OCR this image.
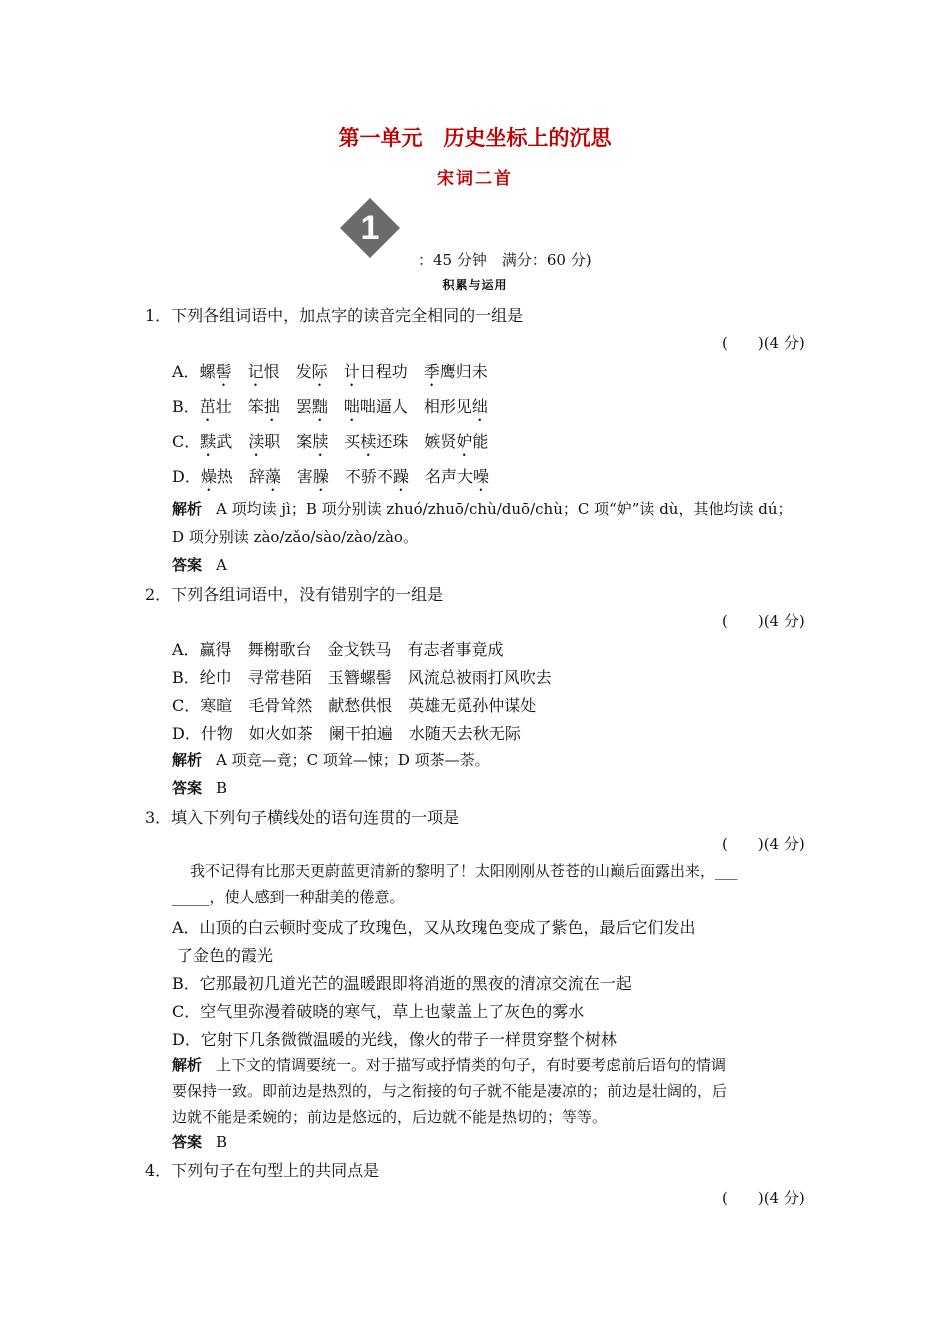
第一单元　历史坐标上的沉思
宋词二首
1
：45 分钟　满分：60 分)
积累与运用
1．下列各组词语中，加点字的读音完全相同的一组是
(　　)(4 分)
A．螺髻　 记恨　 发际　 计日程功　 季鹰归未
B．茁壮　笨拙　罢黜　 咄咄逼人　相形见绌
C．黩武　渎职　案牍　买椟还珠　嫉贤妒能
D．燥热　辞藻　害臊　不骄不躁　名声大噪
解析 A 项均读 jì；B 项分别读 zhuó/zhuō/chù/duō/chù；C 项“妒”读 dù，其他均读 dú；
D 项分别读 zào/zǎo/sào/zào/zào。
答案 A
2．下列各组词语中，没有错别字的一组是
(　　)(4 分)
A．赢得　舞榭歌台　金戈铁马　有志者事竟成
B．纶巾　寻常巷陌　玉簪螺髻　风流总被雨打风吹去
C．寒暄　毛骨耸然　献愁供恨　英雄无觅孙仲谋处
D．什物　如火如茶　阑干拍遍　水随天去秋无际
解析 A 项竞—竟；C 项耸—悚；D 项茶—荼。
答案 B
3．填入下列句子横线处的语句连贯的一项是
(　　)(4 分)
我不记得有比那天更蔚蓝更清新的黎明了！太阳刚刚从苍苍的山巅后面露出来，___
_____，使人感到一种甜美的倦意。
A．山顶的白云顿时变成了玫瑰色，又从玫瑰色变成了紫色，最后它们发出
了金色的霞光
B．它那最初几道光芒的温暖跟即将消逝的黑夜的清凉交流在一起
C．空气里弥漫着破晓的寒气，草上也蒙盖上了灰色的雾水
D．它射下几条微微温暖的光线，像火的带子一样贯穿整个树林
解析 上下文的情调要统一。对于描写或抒情类的句子，有时要考虑前后语句的情调
要保持一致。即前边是热烈的，与之衔接的句子就不能是凄凉的；前边是壮阔的，后
边就不能是柔婉的；前边是悠远的，后边就不能是热切的；等等。
答案 B
4．下列句子在句型上的共同点是
(　　)(4 分)
